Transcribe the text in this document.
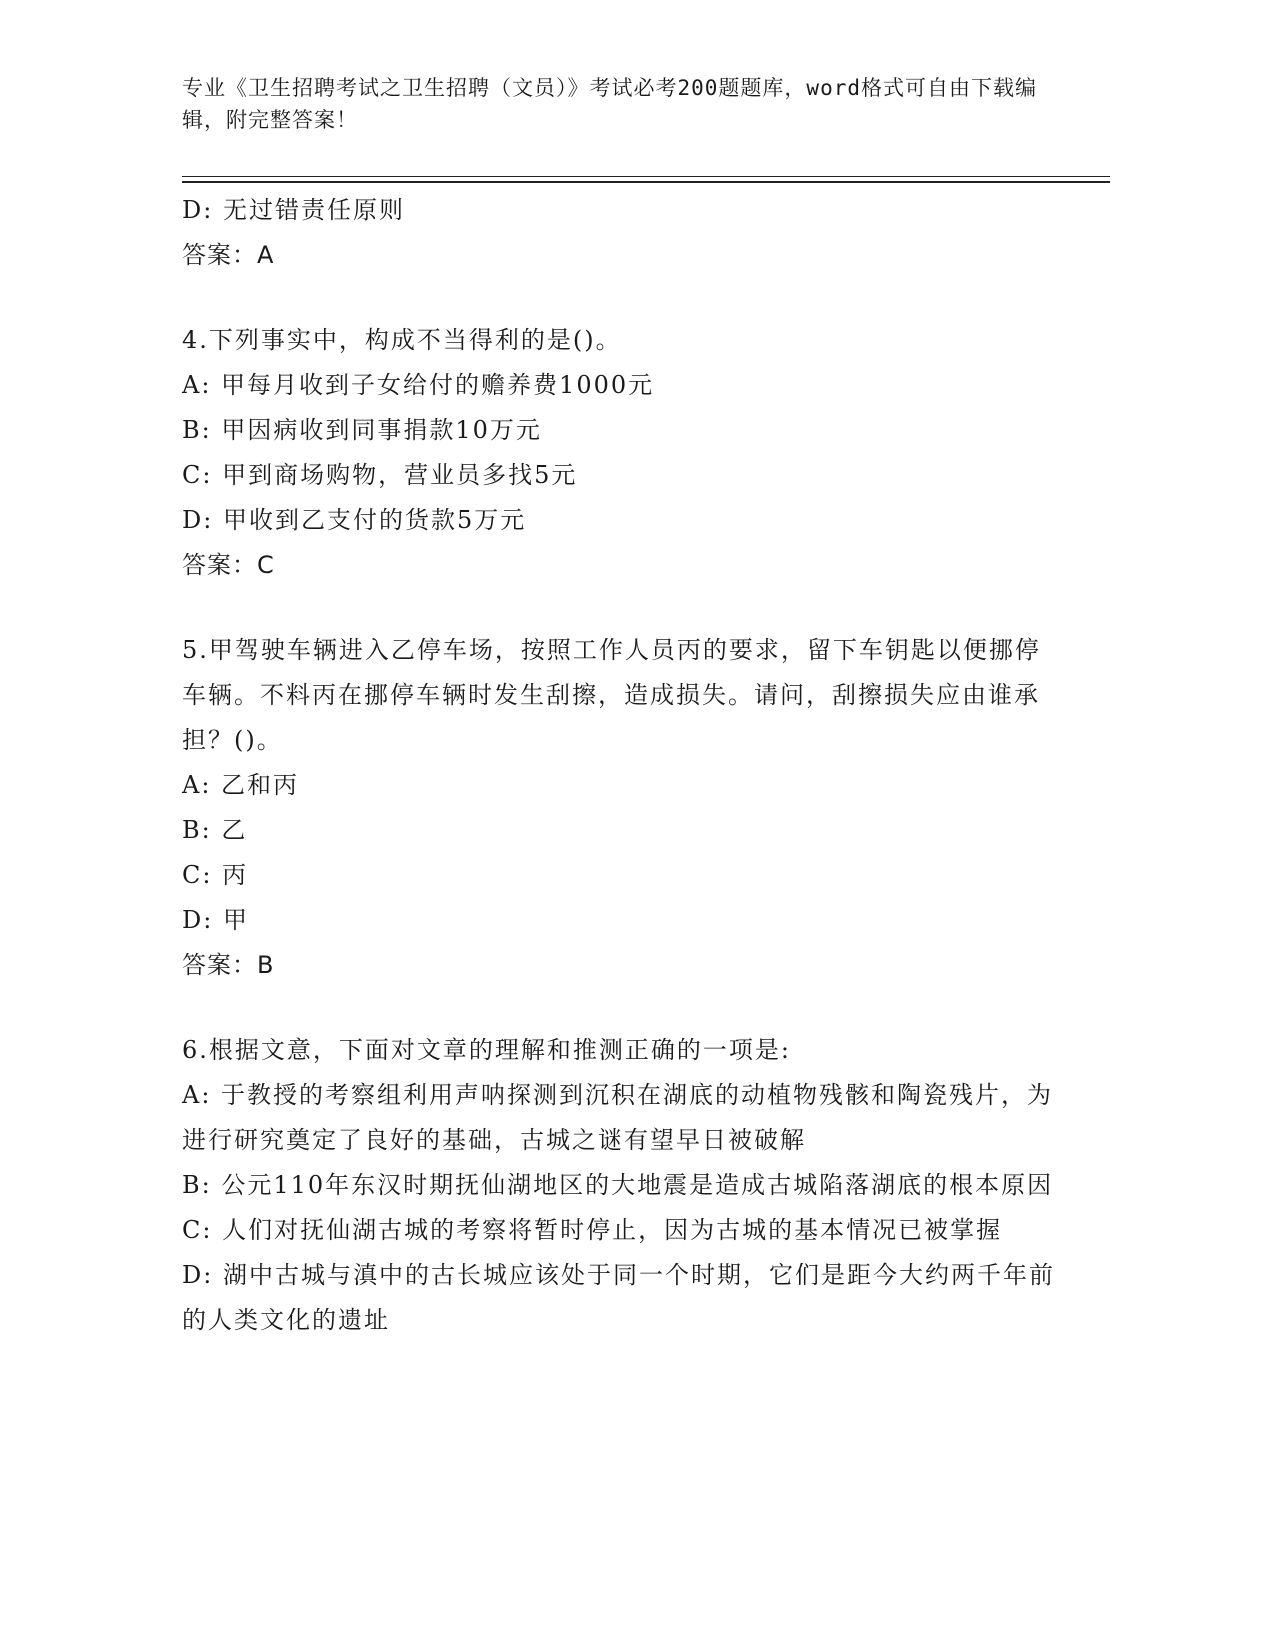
专业《卫生招聘考试之卫生招聘（文员）》考试必考200题题库，word格式可自由下载编辑，附完整答案！

D: 无过错责任原则

答案：A

4.下列事实中，构成不当得利的是()。

A: 甲每月收到子女给付的赡养费1000元

B: 甲因病收到同事捐款10万元

C: 甲到商场购物，营业员多找5元

D: 甲收到乙支付的货款5万元

答案：C

5.甲驾驶车辆进入乙停车场，按照工作人员丙的要求，留下车钥匙以便挪停车辆。不料丙在挪停车辆时发生刮擦，造成损失。请问，刮擦损失应由谁承担？()。

A: 乙和丙

B: 乙

C: 丙

D: 甲

答案：B

6.根据文意，下面对文章的理解和推测正确的一项是:

A: 于教授的考察组利用声呐探测到沉积在湖底的动植物残骸和陶瓷残片，为进行研究奠定了良好的基础，古城之谜有望早日被破解

B: 公元110年东汉时期抚仙湖地区的大地震是造成古城陷落湖底的根本原因

C: 人们对抚仙湖古城的考察将暂时停止，因为古城的基本情况已被掌握

D: 湖中古城与滇中的古长城应该处于同一个时期，它们是距今大约两千年前的人类文化的遗址
